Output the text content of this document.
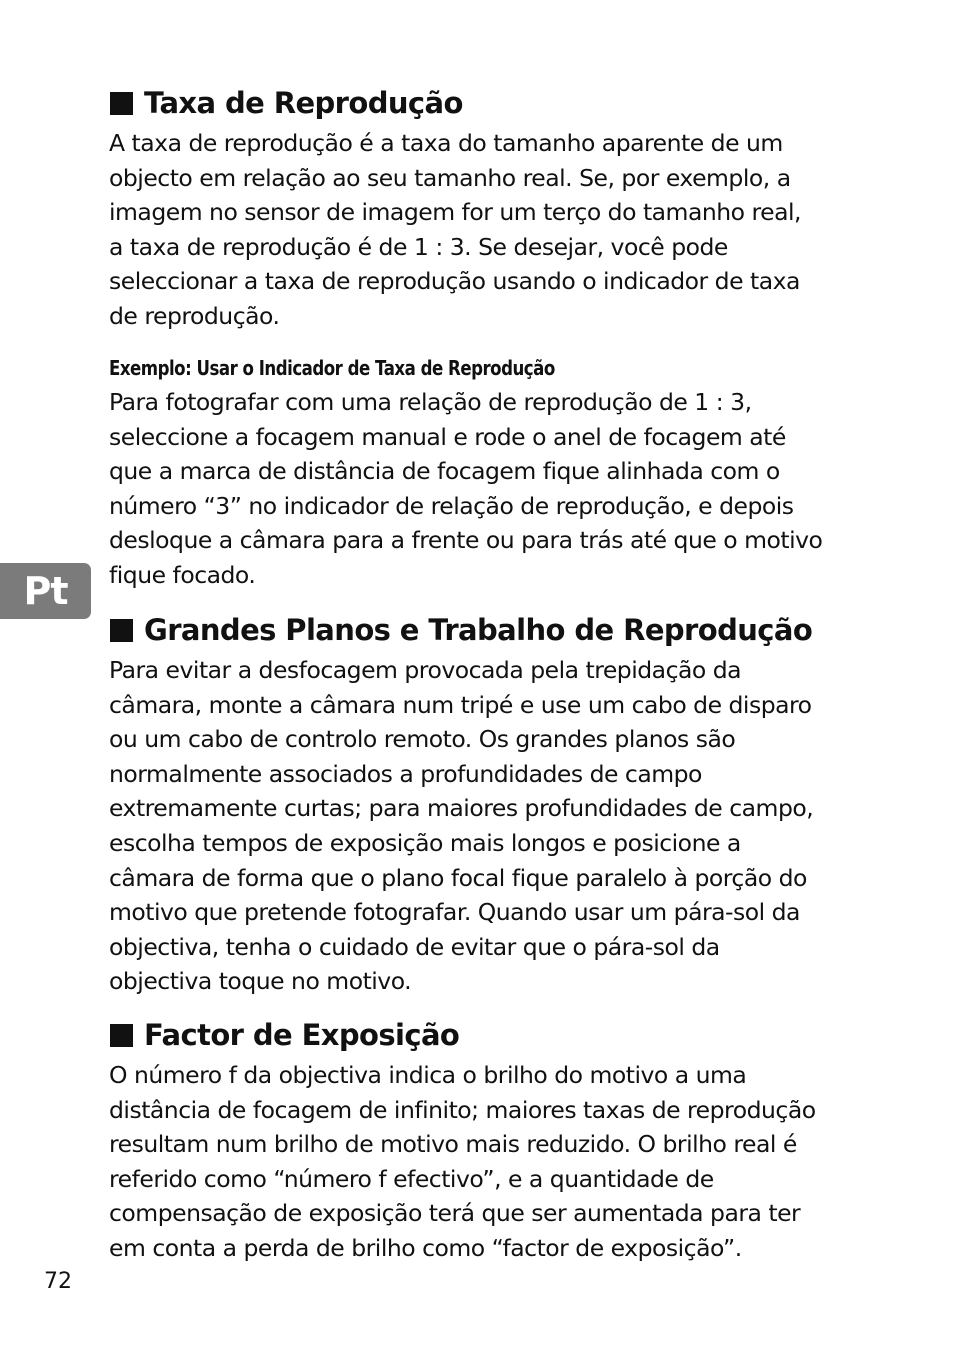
Taxa de Reprodução
A taxa de reprodução é a taxa do tamanho aparente de um
objecto em relação ao seu tamanho real. Se, por exemplo, a
imagem no sensor de imagem for um terço do tamanho real,
a taxa de reprodução é de 1 : 3. Se desejar, você pode
seleccionar a taxa de reprodução usando o indicador de taxa
de reprodução.
Exemplo: Usar o Indicador de Taxa de Reprodução
Para fotografar com uma relação de reprodução de 1 : 3,
seleccione a focagem manual e rode o anel de focagem até
que a marca de distância de focagem fique alinhada com o
número “3” no indicador de relação de reprodução, e depois
desloque a câmara para a frente ou para trás até que o motivo
fique focado.
Pt
Grandes Planos e Trabalho de Reprodução
Para evitar a desfocagem provocada pela trepidação da
câmara, monte a câmara num tripé e use um cabo de disparo
ou um cabo de controlo remoto. Os grandes planos são
normalmente associados a profundidades de campo
extremamente curtas; para maiores profundidades de campo,
escolha tempos de exposição mais longos e posicione a
câmara de forma que o plano focal fique paralelo à porção do
motivo que pretende fotografar. Quando usar um pára-sol da
objectiva, tenha o cuidado de evitar que o pára-sol da
objectiva toque no motivo.
Factor de Exposição
O número f da objectiva indica o brilho do motivo a uma
distância de focagem de infinito; maiores taxas de reprodução
resultam num brilho de motivo mais reduzido. O brilho real é
referido como “número f efectivo”, e a quantidade de
compensação de exposição terá que ser aumentada para ter
em conta a perda de brilho como “factor de exposição”.
72
